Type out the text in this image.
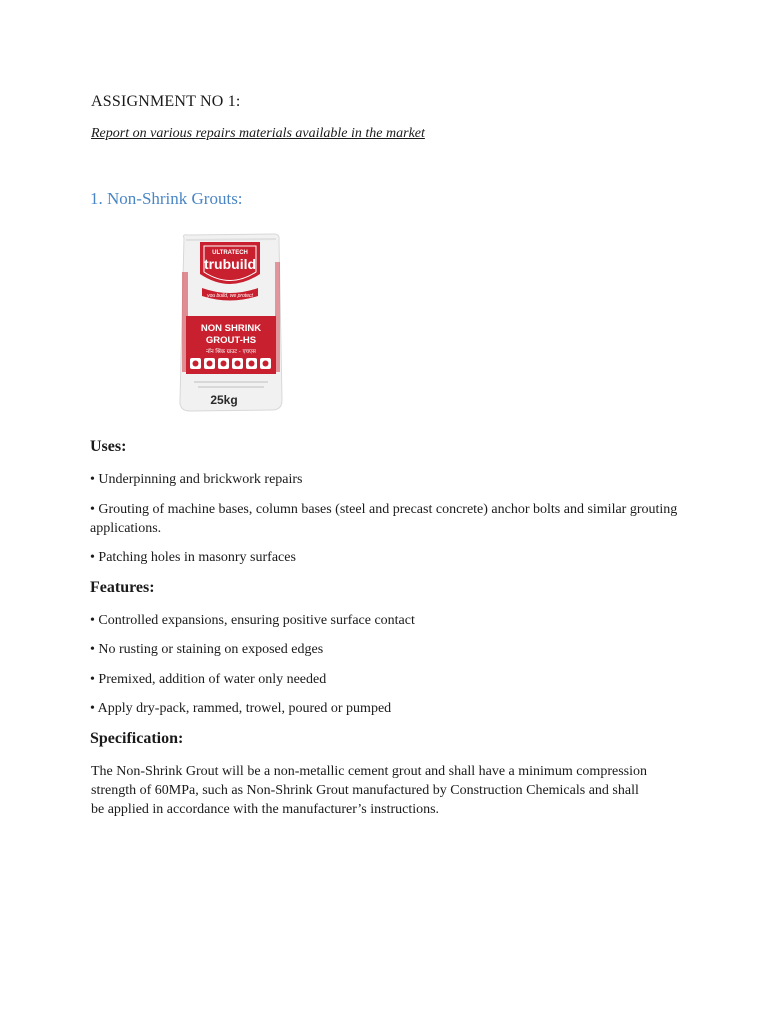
ASSIGNMENT NO 1:
Report on various repairs materials available in the market
1. Non-Shrink Grouts:
ULTRATECH
trubuild
you build, we protect
NON SHRINK
GROUT-HS
नॉन श्रिंक ग्राउट - एचएस
25kg
Uses:
• Underpinning and brickwork repairs
• Grouting of machine bases, column bases (steel and precast concrete) anchor bolts and similar grouting applications.
• Patching holes in masonry surfaces
Features:
• Controlled expansions, ensuring positive surface contact
• No rusting or staining on exposed edges
• Premixed, addition of water only needed
• Apply dry-pack, rammed, trowel, poured or pumped
Specification:
The Non-Shrink Grout will be a non-metallic cement grout and shall have a minimum compression strength of 60MPa, such as Non-Shrink Grout manufactured by Construction Chemicals and shall be applied in accordance with the manufacturer’s instructions.
